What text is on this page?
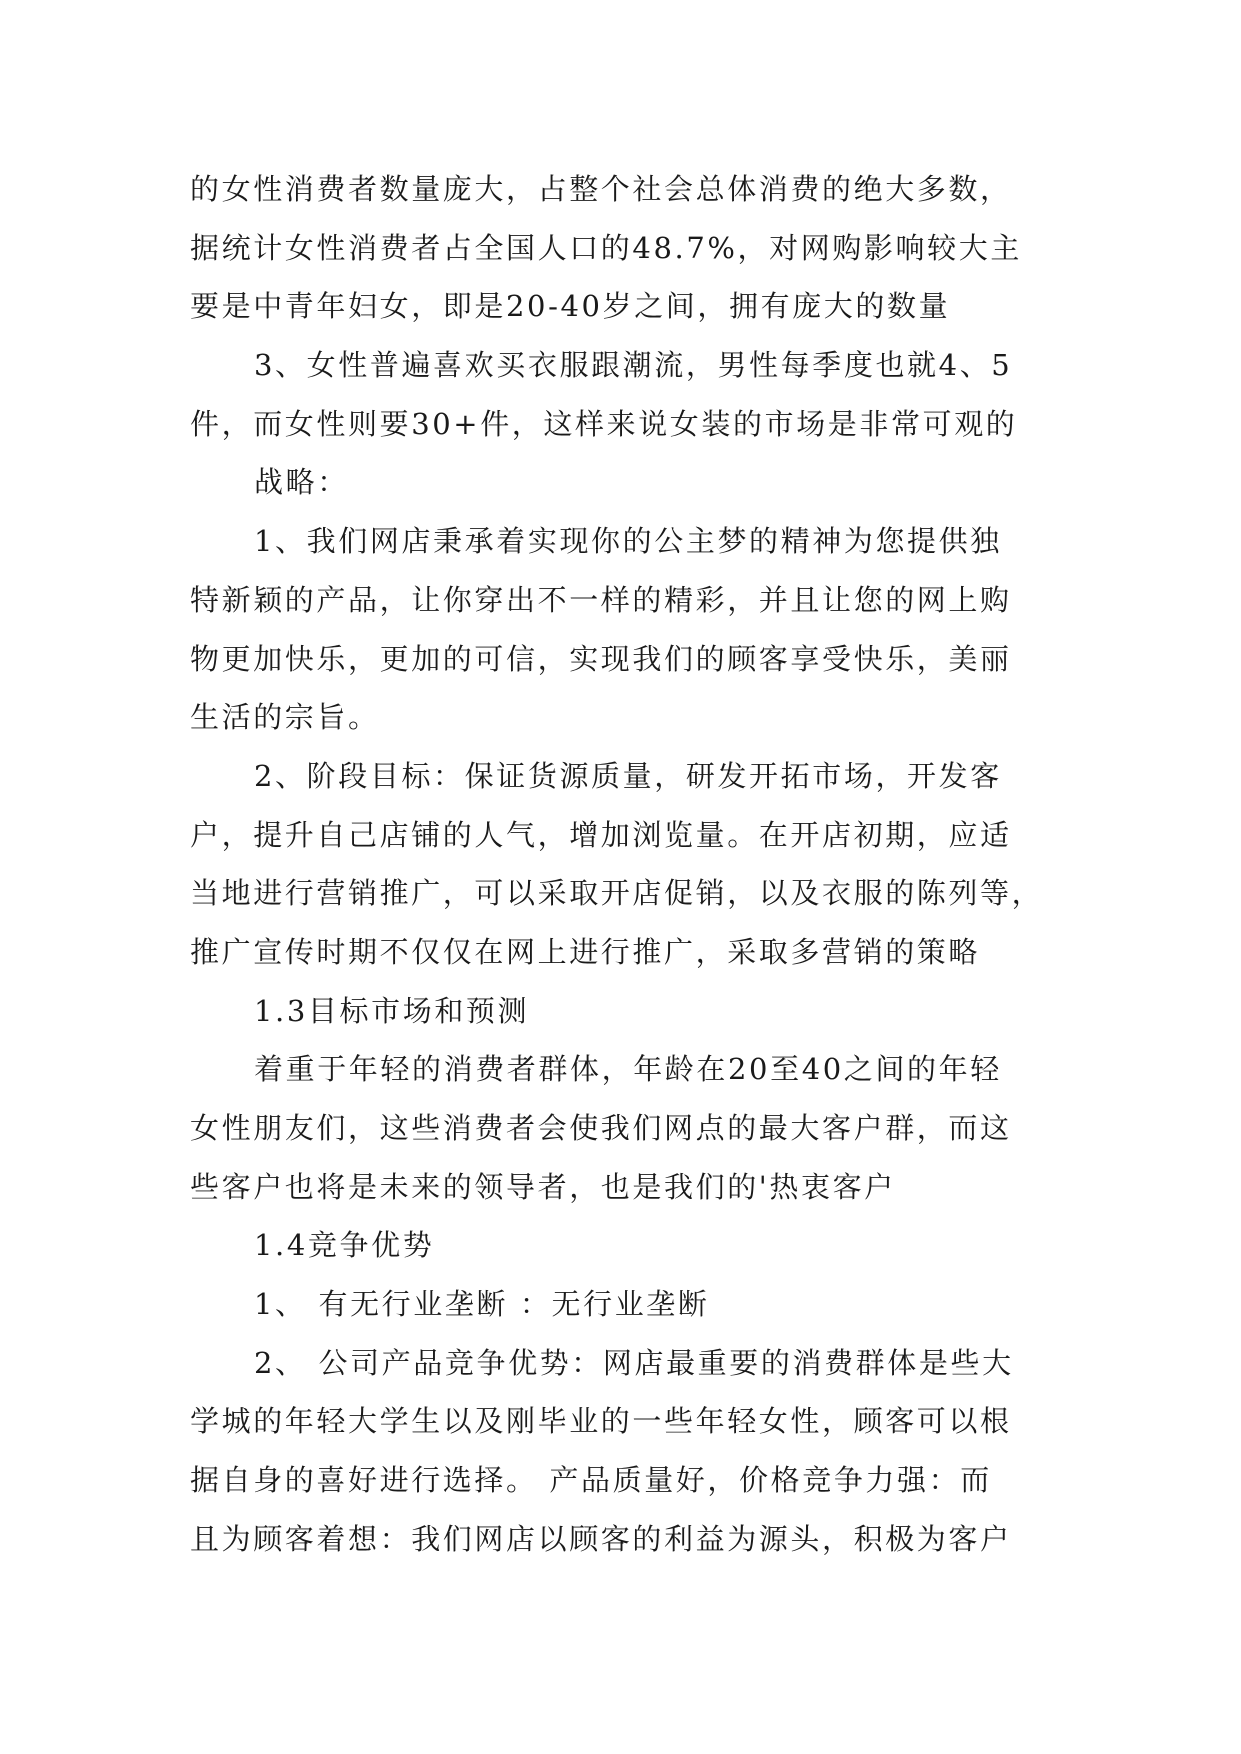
的女性消费者数量庞大，占整个社会总体消费的绝大多数，
据统计女性消费者占全国人口的48.7%，对网购影响较大主
要是中青年妇女，即是20-40岁之间，拥有庞大的数量
3、女性普遍喜欢买衣服跟潮流，男性每季度也就4、5
件，而女性则要30+件，这样来说女装的市场是非常可观的
战略：
1、我们网店秉承着实现你的公主梦的精神为您提供独
特新颖的产品，让你穿出不一样的精彩，并且让您的网上购
物更加快乐，更加的可信，实现我们的顾客享受快乐，美丽
生活的宗旨。
2、阶段目标：保证货源质量，研发开拓市场，开发客
户，提升自己店铺的人气，增加浏览量。在开店初期，应适
当地进行营销推广，可以采取开店促销，以及衣服的陈列等，
推广宣传时期不仅仅在网上进行推广，采取多营销的策略
1.3目标市场和预测
着重于年轻的消费者群体，年龄在20至40之间的年轻
女性朋友们，这些消费者会使我们网点的最大客户群，而这
些客户也将是未来的领导者，也是我们的'热衷客户
1.4竞争优势
1、 有无行业垄断 ：无行业垄断
2、 公司产品竞争优势：网店最重要的消费群体是些大
学城的年轻大学生以及刚毕业的一些年轻女性，顾客可以根
据自身的喜好进行选择。 产品质量好，价格竞争力强：而
且为顾客着想：我们网店以顾客的利益为源头，积极为客户
